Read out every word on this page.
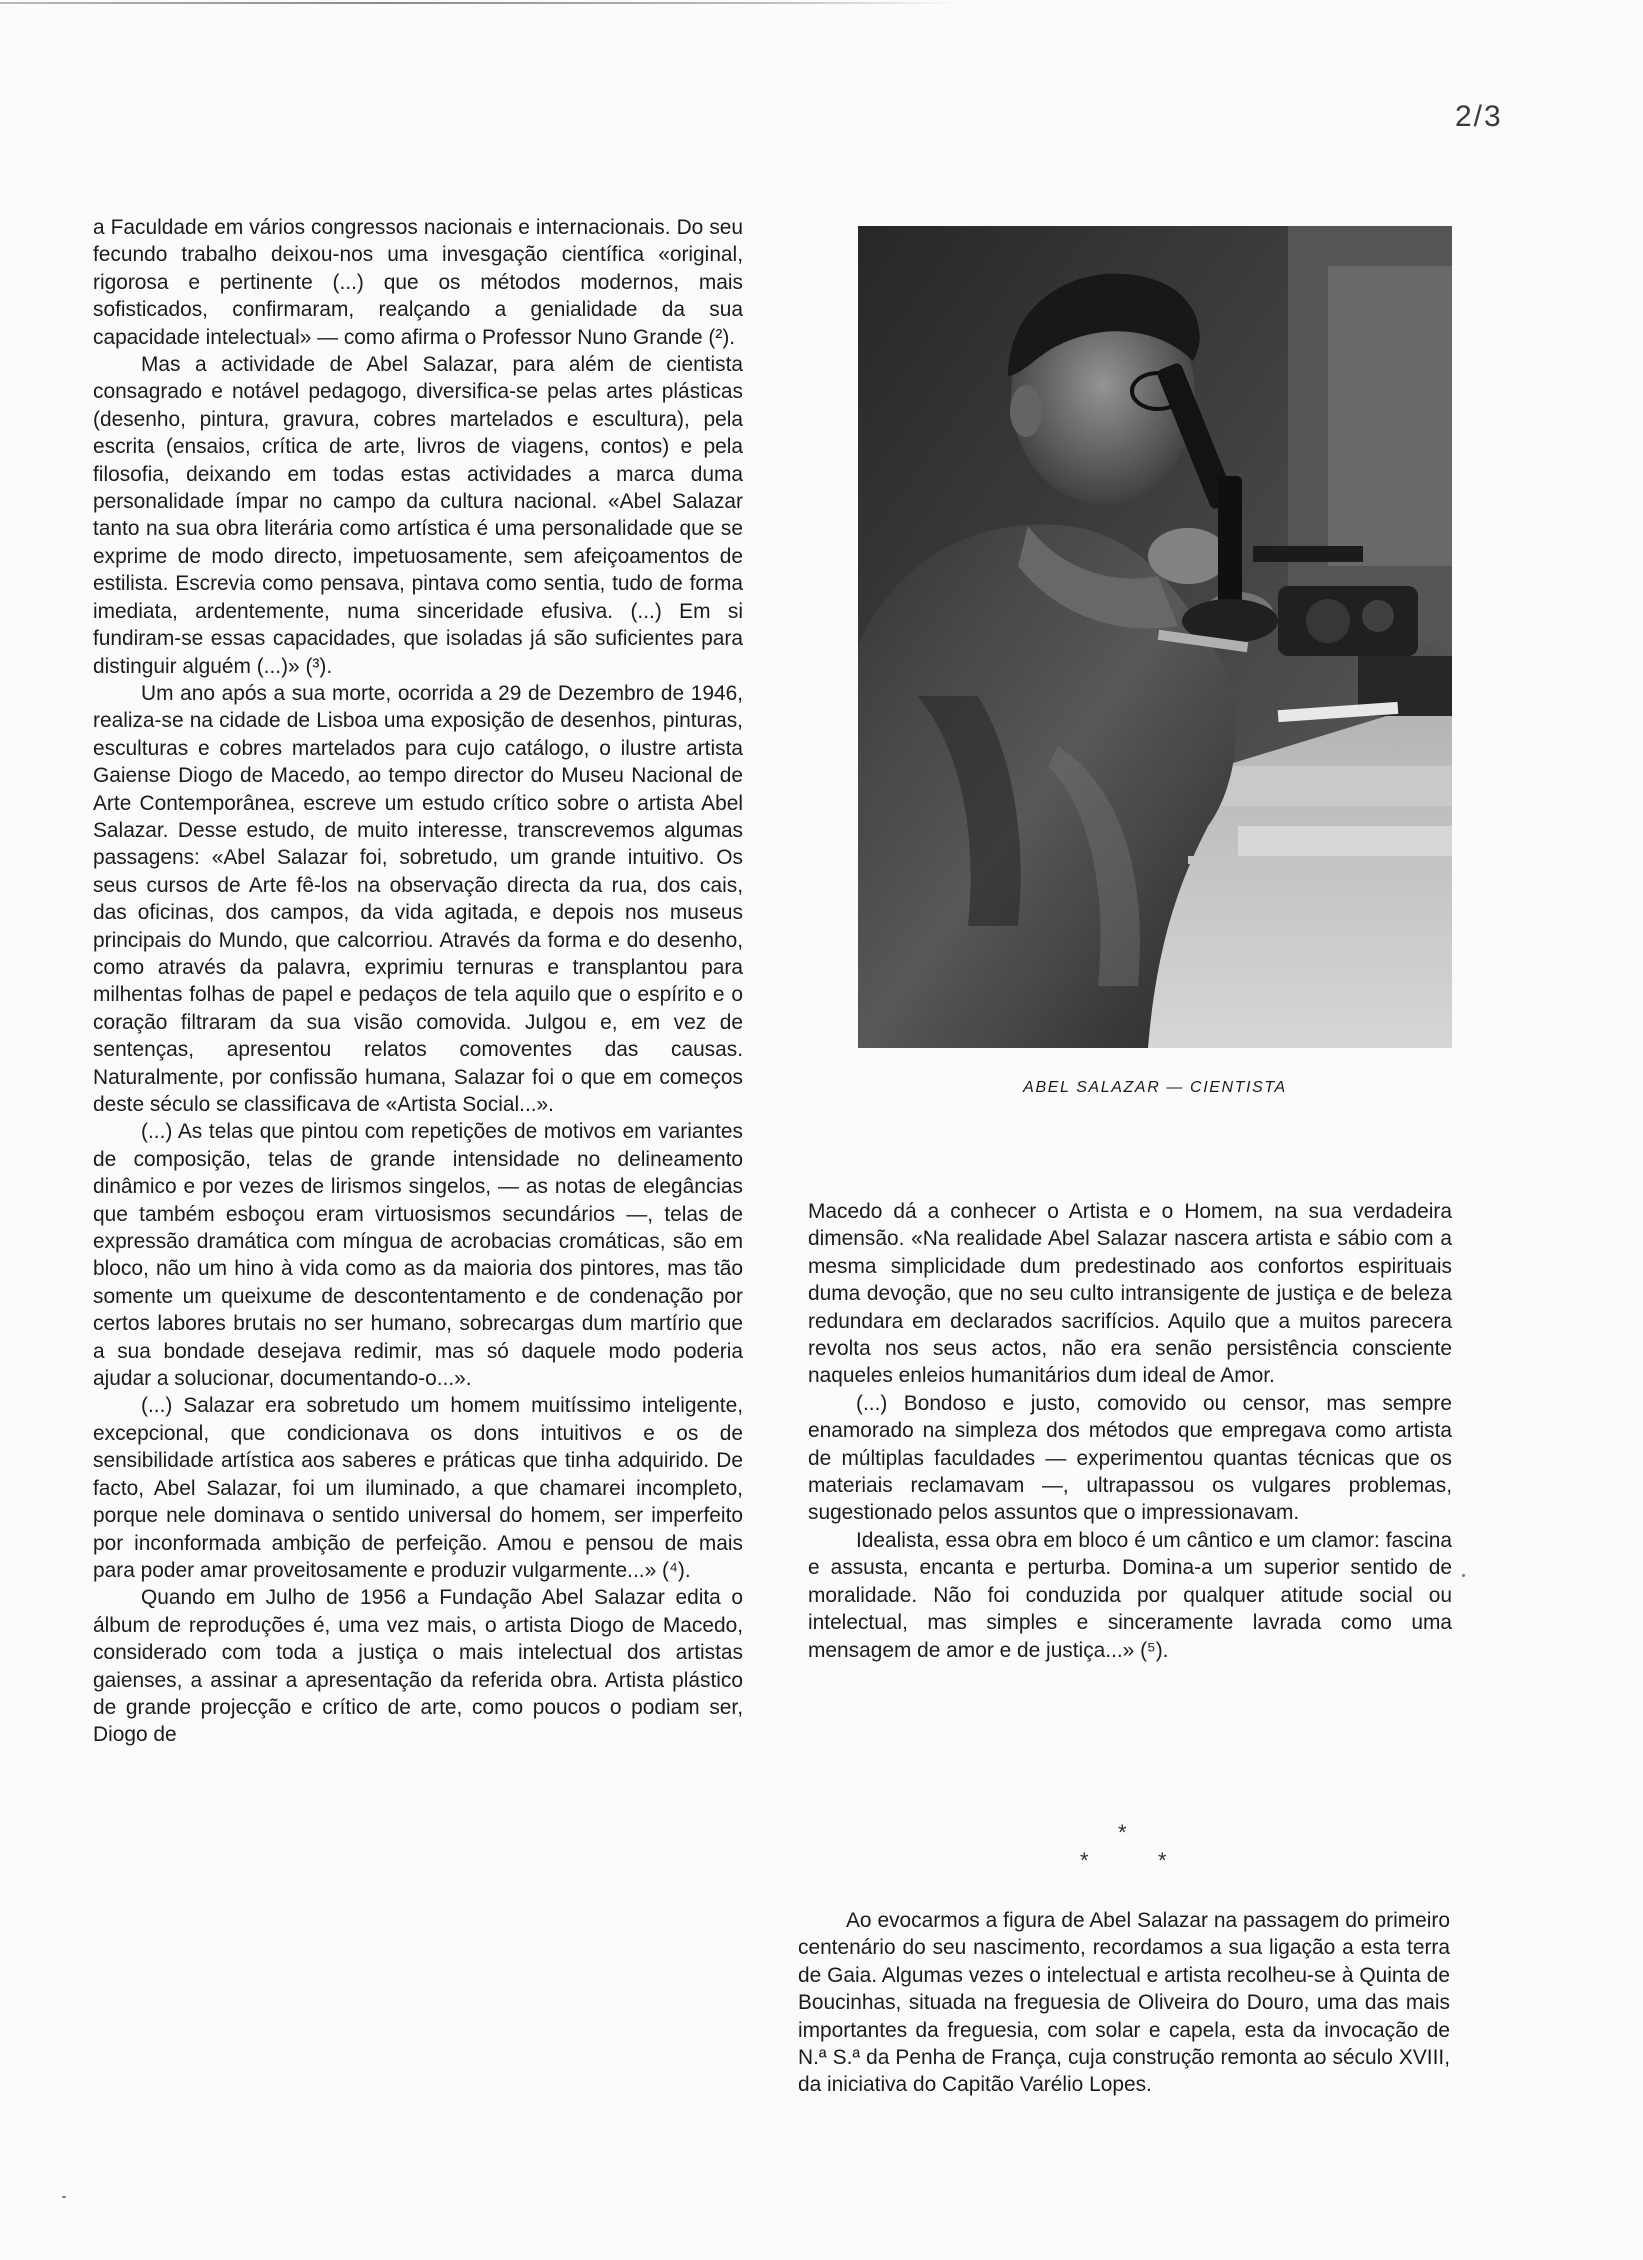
2/3

a Faculdade em vários congressos nacionais e internacionais. Do seu fecundo trabalho deixou-nos uma invesgação científica «original, rigorosa e pertinente (...) que os métodos modernos, mais sofisticados, confirmaram, realçando a genialidade da sua capacidade intelectual» — como afirma o Professor Nuno Grande (²).

Mas a actividade de Abel Salazar, para além de cientista consagrado e notável pedagogo, diversifica-se pelas artes plásticas (desenho, pintura, gravura, cobres martelados e escultura), pela escrita (ensaios, crítica de arte, livros de viagens, contos) e pela filosofia, deixando em todas estas actividades a marca duma personalidade ímpar no campo da cultura nacional. «Abel Salazar tanto na sua obra literária como artística é uma personalidade que se exprime de modo directo, impetuosamente, sem afeiçoamentos de estilista. Escrevia como pensava, pintava como sentia, tudo de forma imediata, ardentemente, numa sinceridade efusiva. (...) Em si fundiram-se essas capacidades, que isoladas já são suficientes para distinguir alguém (...)» (³).

Um ano após a sua morte, ocorrida a 29 de Dezembro de 1946, realiza-se na cidade de Lisboa uma exposição de desenhos, pinturas, esculturas e cobres martelados para cujo catálogo, o ilustre artista Gaiense Diogo de Macedo, ao tempo director do Museu Nacional de Arte Contemporânea, escreve um estudo crítico sobre o artista Abel Salazar. Desse estudo, de muito interesse, transcrevemos algumas passagens: «Abel Salazar foi, sobretudo, um grande intuitivo. Os seus cursos de Arte fê-los na observação directa da rua, dos cais, das oficinas, dos campos, da vida agitada, e depois nos museus principais do Mundo, que calcorriou. Através da forma e do desenho, como através da palavra, exprimiu ternuras e transplantou para milhentas folhas de papel e pedaços de tela aquilo que o espírito e o coração filtraram da sua visão comovida. Julgou e, em vez de sentenças, apresentou relatos comoventes das causas. Naturalmente, por confissão humana, Salazar foi o que em começos deste século se classificava de «Artista Social...».

(...) As telas que pintou com repetições de motivos em variantes de composição, telas de grande intensidade no delineamento dinâmico e por vezes de lirismos singelos, — as notas de elegâncias que também esboçou eram virtuosismos secundários —, telas de expressão dramática com míngua de acrobacias cromáticas, são em bloco, não um hino à vida como as da maioria dos pintores, mas tão somente um queixume de descontentamento e de condenação por certos labores brutais no ser humano, sobrecargas dum martírio que a sua bondade desejava redimir, mas só daquele modo poderia ajudar a solucionar, documentando-o...».

(...) Salazar era sobretudo um homem muitíssimo inteligente, excepcional, que condicionava os dons intuitivos e os de sensibilidade artística aos saberes e práticas que tinha adquirido. De facto, Abel Salazar, foi um iluminado, a que chamarei incompleto, porque nele dominava o sentido universal do homem, ser imperfeito por inconformada ambição de perfeição. Amou e pensou de mais para poder amar proveitosamente e produzir vulgarmente...» (⁴).

Quando em Julho de 1956 a Fundação Abel Salazar edita o álbum de reproduções é, uma vez mais, o artista Diogo de Macedo, considerado com toda a justiça o mais intelectual dos artistas gaienses, a assinar a apresentação da referida obra. Artista plástico de grande projecção e crítico de arte, como poucos o podiam ser, Diogo de

ABEL SALAZAR — CIENTISTA

Macedo dá a conhecer o Artista e o Homem, na sua verdadeira dimensão. «Na realidade Abel Salazar nascera artista e sábio com a mesma simplicidade dum predestinado aos confortos espirituais duma devoção, que no seu culto intransigente de justiça e de beleza redundara em declarados sacrifícios. Aquilo que a muitos parecera revolta nos seus actos, não era senão persistência consciente naqueles enleios humanitários dum ideal de Amor.

(...) Bondoso e justo, comovido ou censor, mas sempre enamorado na simpleza dos métodos que empregava como artista de múltiplas faculdades — experimentou quantas técnicas que os materiais reclamavam —, ultrapassou os vulgares problemas, sugestionado pelos assuntos que o impressionavam.

Idealista, essa obra em bloco é um cântico e um clamor: fascina e assusta, encanta e perturba. Domina-a um superior sentido de moralidade. Não foi conduzida por qualquer atitude social ou intelectual, mas simples e sinceramente lavrada como uma mensagem de amor e de justiça...» (⁵).

*
*	*

Ao evocarmos a figura de Abel Salazar na passagem do primeiro centenário do seu nascimento, recordamos a sua ligação a esta terra de Gaia. Algumas vezes o intelectual e artista recolheu-se à Quinta de Boucinhas, situada na freguesia de Oliveira do Douro, uma das mais importantes da freguesia, com solar e capela, esta da invocação de N.ª S.ª da Penha de França, cuja construção remonta ao século XVIII, da iniciativa do Capitão Varélio Lopes.
